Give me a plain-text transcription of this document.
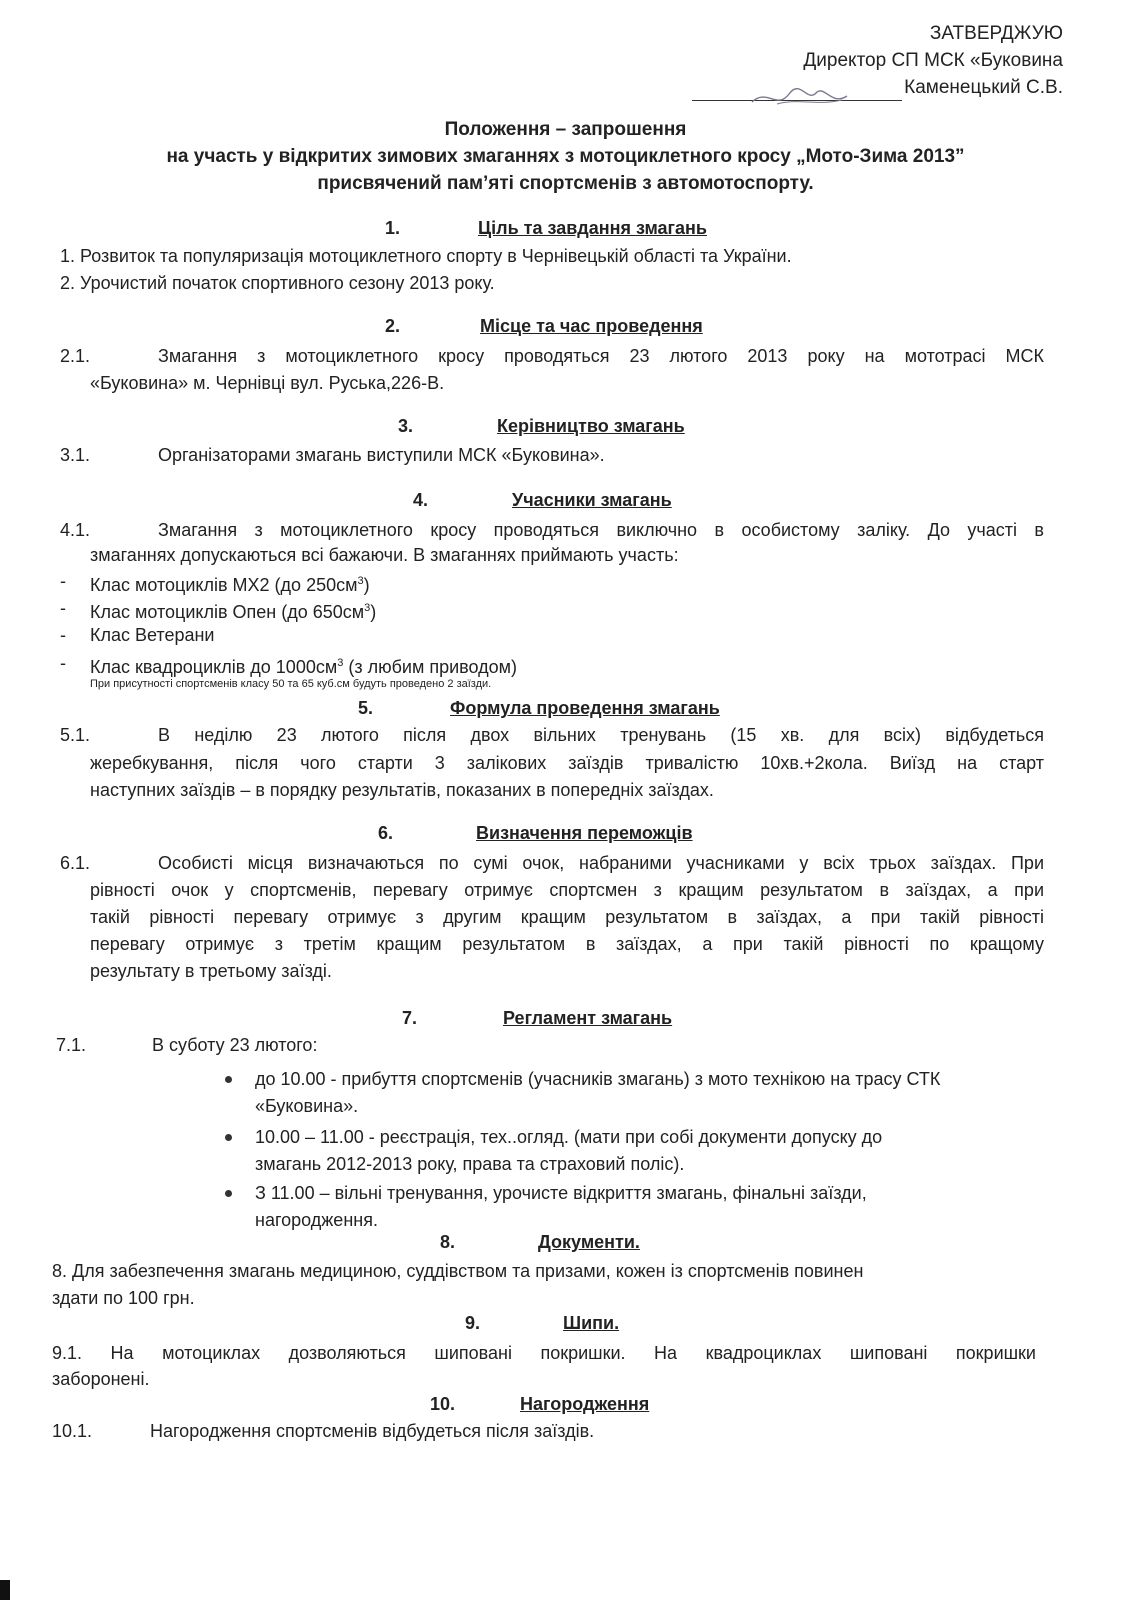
ЗАТВЕРДЖУЮ
Директор СП МСК «Буковина
Каменецький С.В.
Положення – запрошення
на участь у відкритих зимових змаганнях з мотоциклетного кросу „Мото-Зима 2013”
присвячений пам’яті спортсменів з автомотоспорту.
1.	Ціль та завдання змагань
1. Розвиток та популяризація мотоциклетного спорту в Чернівецькій області та України.
2. Урочистий початок спортивного сезону 2013 року.
2.	Місце та час проведення
2.1.	Змагання з мотоциклетного кросу проводяться 23 лютого 2013 року на мототрасі МСК
«Буковина» м. Чернівці вул. Руська,226-В.
3.	Керівництво змагань
3.1.	Організаторами змагань виступили МСК «Буковина».
4.	Учасники змагань
4.1.	Змагання з мотоциклетного кросу проводяться виключно в особистому заліку. До участі в
змаганнях допускаються всі бажаючи. В змаганнях приймають участь:
- Клас мотоциклів МХ2 (до $250см^3$)
- Клас мотоциклів Опен (до $650см^3$)
- Клас Ветерани
- Клас квадроциклів до $1000см^3$ (з любим приводом)
При присутності спортсменів класу 50 та 65 куб.см будуть проведено 2 заїзди.
5.	Формула проведення змагань
5.1.	В неділю 23 лютого після двох вільних тренувань (15 хв. для всіх) відбудеться
жеребкування, після чого старти 3 залікових заїздів тривалістю 10хв.+2кола. Виїзд на старт
наступних заїздів – в порядку результатів, показаних в попередніх заїздах.
6.	Визначення переможців
6.1.	Особисті місця визначаються по сумі очок, набраними учасниками у всіх трьох заїздах. При
рівності очок у спортсменів, перевагу отримує спортсмен з кращим результатом в заїздах, а при
такій рівності перевагу отримує з другим кращим результатом в заїздах, а при такій рівності
перевагу отримує з третім кращим результатом в заїздах, а при такій рівності по кращому
результату в третьому заїзді.
7.	Регламент змагань
7.1.	В суботу 23 лютого:
до 10.00 - прибуття спортсменів (учасників змагань) з мото технікою на трасу СТК
«Буковина».
10.00 – 11.00 - реєстрація, тех..огляд. (мати при собі документи допуску до
змагань 2012-2013 року, права та страховий поліс).
З 11.00 – вільні тренування, урочисте відкриття змагань, фінальні заїзди,
нагородження.
8.	Документи.
8. Для забезпечення змагань медициною, суддівством та призами, кожен із спортсменів повинен
здати по 100 грн.
9.	Шипи.
9.1. На мотоциклах дозволяються шиповані покришки. На квадроциклах шиповані покришки
заборонені.
10.	Нагородження
10.1.	Нагородження спортсменів відбудеться після заїздів.
